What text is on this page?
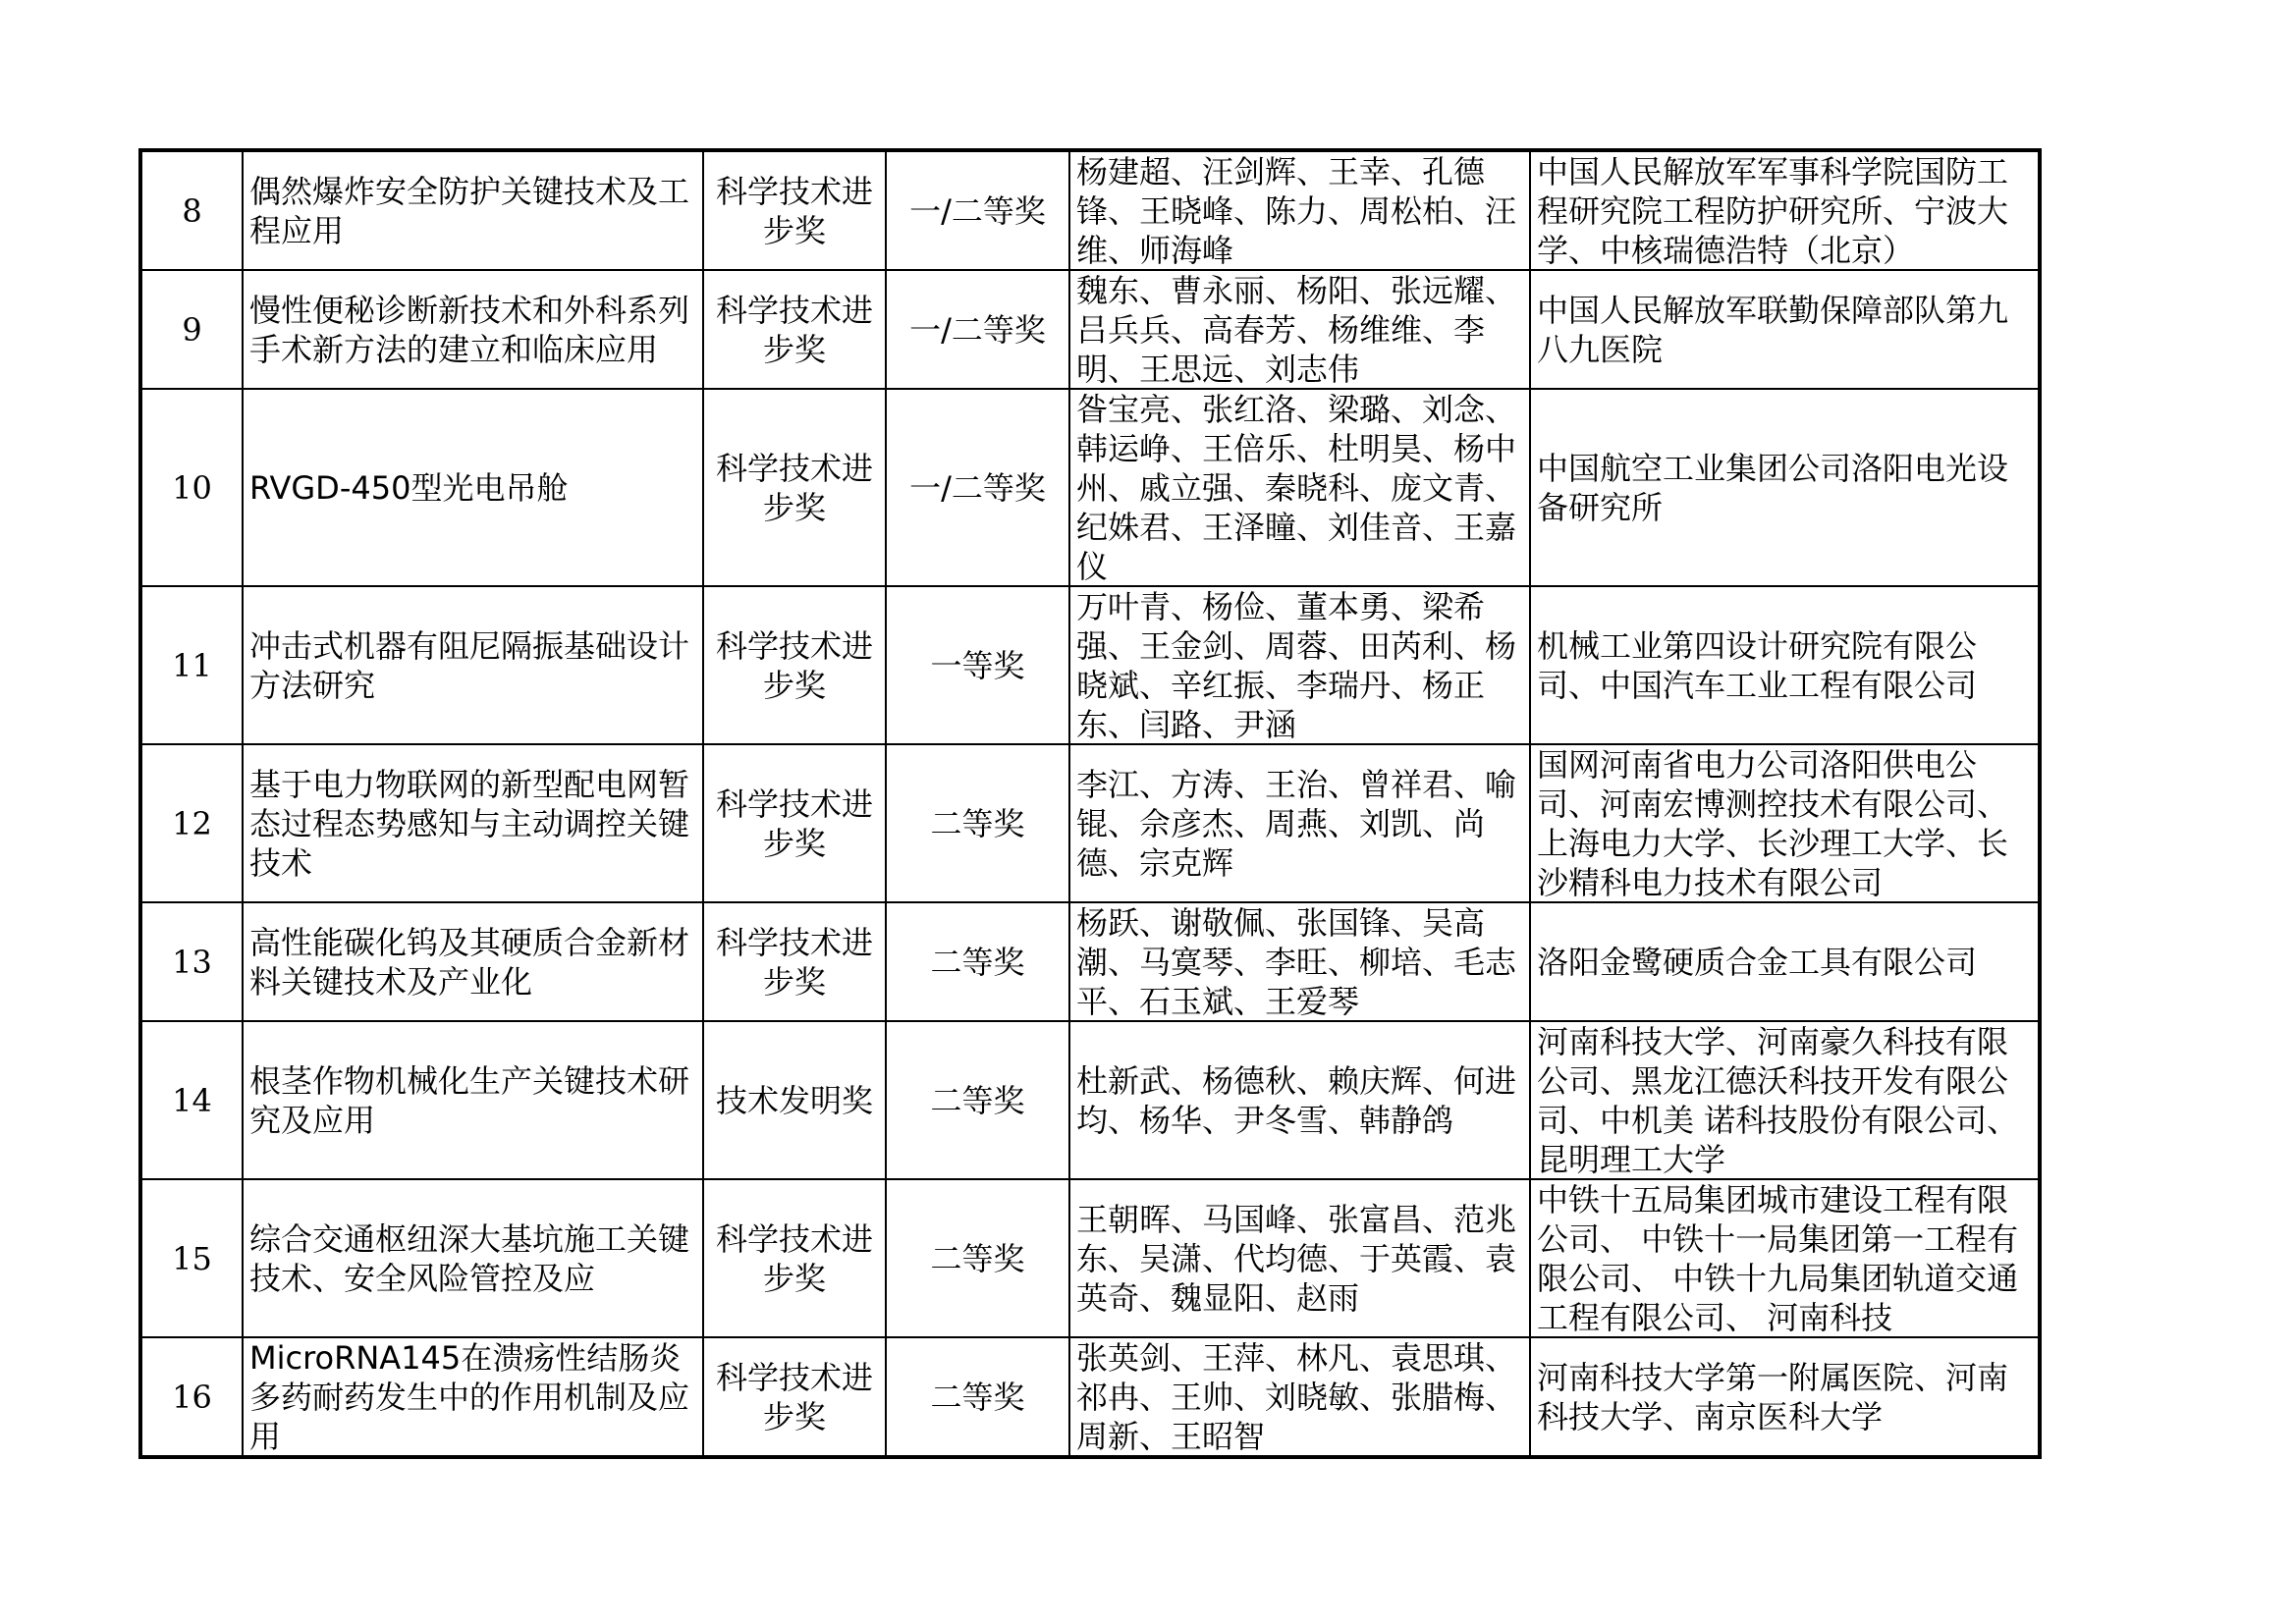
8	偶然爆炸安全防护关键技术及工程应用	科学技术进步奖	一/二等奖	杨建超、汪剑辉、王幸、孔德锋、王晓峰、陈力、周松柏、汪维、师海峰	中国人民解放军军事科学院国防工程研究院工程防护研究所、宁波大学、中核瑞德浩特（北京）

9	慢性便秘诊断新技术和外科系列手术新方法的建立和临床应用	科学技术进步奖	一/二等奖	魏东、曹永丽、杨阳、张远耀、吕兵兵、高春芳、杨维维、李明、王思远、刘志伟	中国人民解放军联勤保障部队第九八九医院

10	RVGD-450型光电吊舱	科学技术进步奖	一/二等奖	昝宝亮、张红洛、梁璐、刘念、韩运峥、王倍乐、杜明昊、杨中州、戚立强、秦晓科、庞文青、纪姝君、王泽瞳、刘佳音、王嘉仪	中国航空工业集团公司洛阳电光设备研究所

11	冲击式机器有阻尼隔振基础设计方法研究	科学技术进步奖	一等奖	万叶青、杨俭、董本勇、梁希强、王金剑、周蓉、田芮利、杨晓斌、辛红振、李瑞丹、杨正东、闫路、尹涵	机械工业第四设计研究院有限公司、中国汽车工业工程有限公司

12	基于电力物联网的新型配电网暂态过程态势感知与主动调控关键技术	科学技术进步奖	二等奖	李江、方涛、王治、曾祥君、喻锟、佘彦杰、周燕、刘凯、尚德、宗克辉	国网河南省电力公司洛阳供电公司、河南宏博测控技术有限公司、上海电力大学、长沙理工大学、长沙精科电力技术有限公司

13	高性能碳化钨及其硬质合金新材料关键技术及产业化	科学技术进步奖	二等奖	杨跃、谢敬佩、张国锋、吴高潮、马寞琴、李旺、柳培、毛志平、石玉斌、王爱琴	洛阳金鹭硬质合金工具有限公司

14	根茎作物机械化生产关键技术研究及应用	技术发明奖	二等奖	杜新武、杨德秋、赖庆辉、何进均、杨华、尹冬雪、韩静鸽	河南科技大学、河南豪久科技有限公司、黑龙江德沃科技开发有限公司、中机美 诺科技股份有限公司、昆明理工大学

15	综合交通枢纽深大基坑施工关键技术、安全风险管控及应	科学技术进步奖	二等奖	王朝晖、马国峰、张富昌、范兆东、吴潇、代均德、于英霞、袁英奇、魏显阳、赵雨	中铁十五局集团城市建设工程有限公司、 中铁十一局集团第一工程有限公司、 中铁十九局集团轨道交通工程有限公司、 河南科技

16	MicroRNA145在溃疡性结肠炎多药耐药发生中的作用机制及应用	科学技术进步奖	二等奖	张英剑、王萍、林凡、袁思琪、祁冉、王帅、刘晓敏、张腊梅、周新、王昭智	河南科技大学第一附属医院、河南科技大学、南京医科大学
